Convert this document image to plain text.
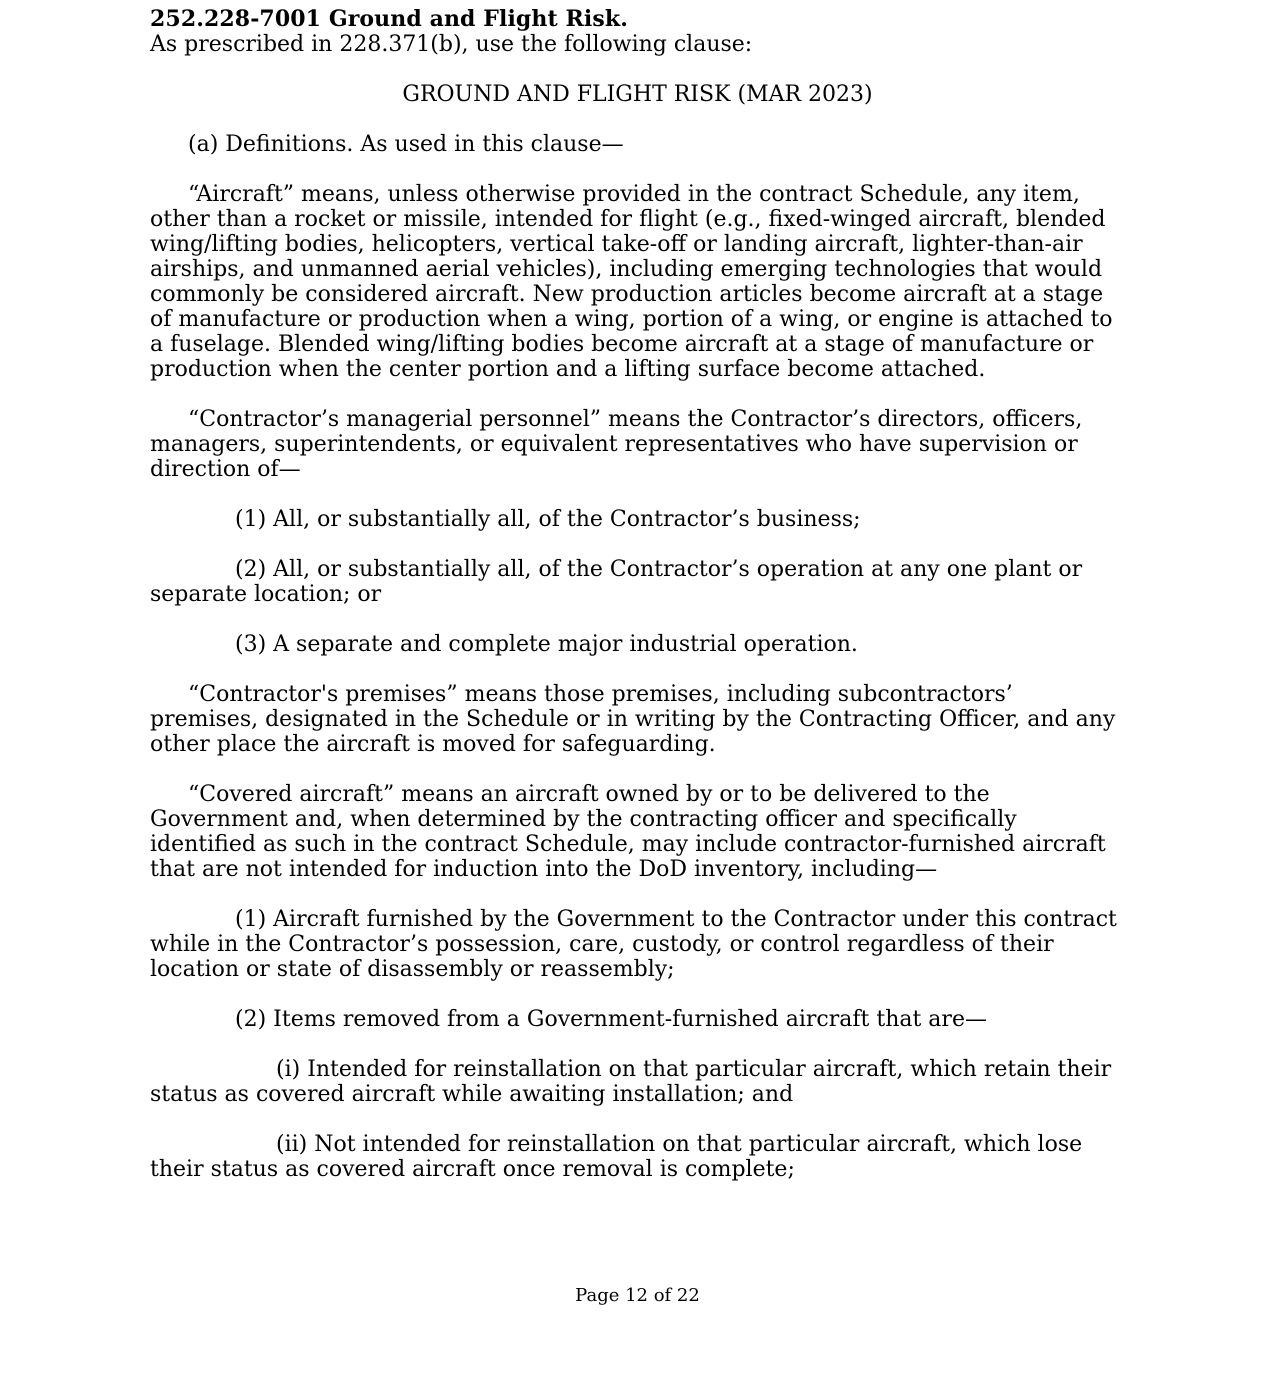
252.228-7001 Ground and Flight Risk.

As prescribed in 228.371(b), use the following clause:

GROUND AND FLIGHT RISK (MAR 2023)

(a) Definitions. As used in this clause—

“Aircraft” means, unless otherwise provided in the contract Schedule, any item, other than a rocket or missile, intended for flight (e.g., fixed-winged aircraft, blended wing/lifting bodies, helicopters, vertical take-off or landing aircraft, lighter-than-air airships, and unmanned aerial vehicles), including emerging technologies that would commonly be considered aircraft. New production articles become aircraft at a stage of manufacture or production when a wing, portion of a wing, or engine is attached to a fuselage. Blended wing/lifting bodies become aircraft at a stage of manufacture or production when the center portion and a lifting surface become attached.

“Contractor’s managerial personnel” means the Contractor’s directors, officers, managers, superintendents, or equivalent representatives who have supervision or direction of—

(1) All, or substantially all, of the Contractor’s business;

(2) All, or substantially all, of the Contractor’s operation at any one plant or separate location; or

(3) A separate and complete major industrial operation.

“Contractor's premises” means those premises, including subcontractors’ premises, designated in the Schedule or in writing by the Contracting Officer, and any other place the aircraft is moved for safeguarding.

“Covered aircraft” means an aircraft owned by or to be delivered to the Government and, when determined by the contracting officer and specifically identified as such in the contract Schedule, may include contractor-furnished aircraft that are not intended for induction into the DoD inventory, including—

(1) Aircraft furnished by the Government to the Contractor under this contract while in the Contractor’s possession, care, custody, or control regardless of their location or state of disassembly or reassembly;

(2) Items removed from a Government-furnished aircraft that are—

(i) Intended for reinstallation on that particular aircraft, which retain their status as covered aircraft while awaiting installation; and

(ii) Not intended for reinstallation on that particular aircraft, which lose their status as covered aircraft once removal is complete;

Page 12 of 22
